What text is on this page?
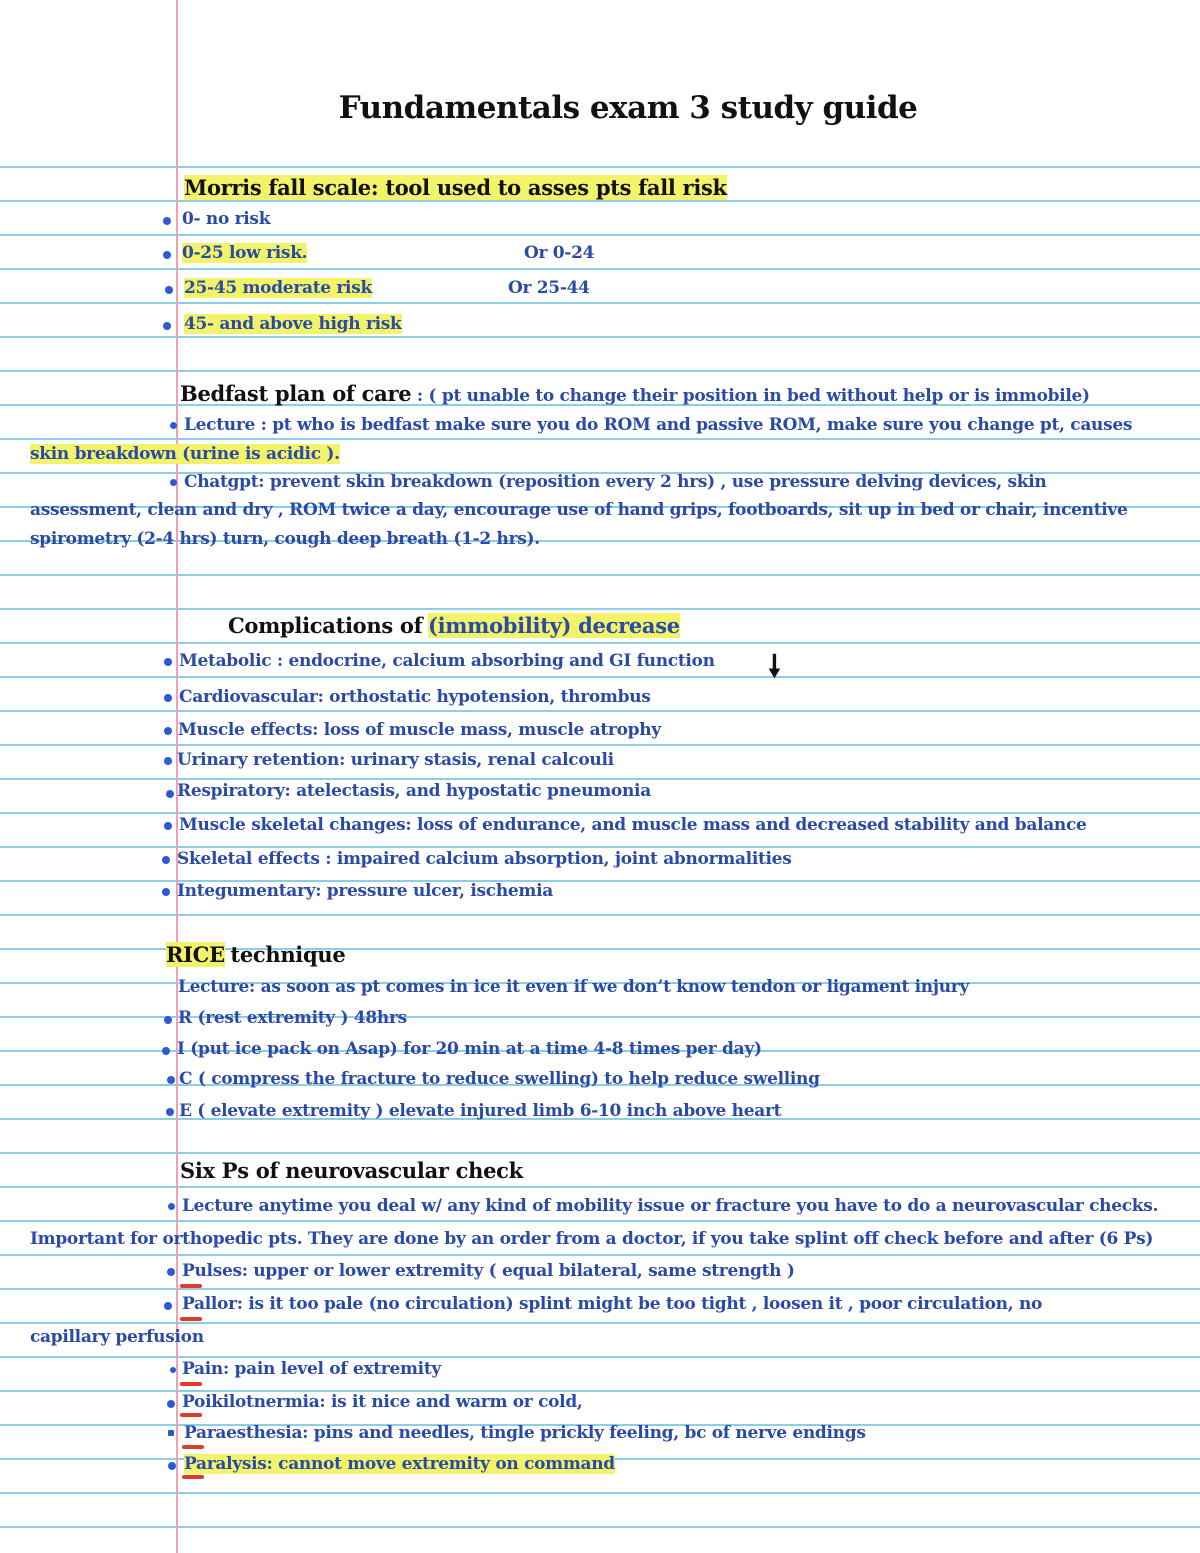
Fundamentals exam 3 study guide
Morris fall scale: tool used to asses pts fall risk
0- no risk
0-25 low risk.	Or 0-24
25-45 moderate risk	Or 25-44
45- and above high risk
Bedfast plan of care : ( pt unable to change their position in bed without help or is immobile)
Lecture : pt who is bedfast make sure you do ROM and passive ROM, make sure you change pt, causes
skin breakdown (urine is acidic ).
Chatgpt: prevent skin breakdown (reposition every 2 hrs) , use pressure delving devices, skin
assessment, clean and dry , ROM twice a day, encourage use of hand grips, footboards, sit up in bed or chair, incentive
spirometry (2-4 hrs) turn, cough deep breath (1-2 hrs).
Complications of (immobility) decrease
🠗
Metabolic : endocrine, calcium absorbing and GI function
Cardiovascular: orthostatic hypotension, thrombus
Muscle effects: loss of muscle mass, muscle atrophy
Urinary retention: urinary stasis, renal calcouli
Respiratory: atelectasis, and hypostatic pneumonia
Muscle skeletal changes: loss of endurance, and muscle mass and decreased stability and balance
Skeletal effects : impaired calcium absorption, joint abnormalities
Integumentary: pressure ulcer, ischemia
RICE technique
Lecture: as soon as pt comes in ice it even if we don’t know tendon or ligament injury
R (rest extremity ) 48hrs
I (put ice pack on Asap) for 20 min at a time 4-8 times per day)
C ( compress the fracture to reduce swelling) to help reduce swelling
E ( elevate extremity ) elevate injured limb 6-10 inch above heart
Six Ps of neurovascular check
Lecture anytime you deal w/ any kind of mobility issue or fracture you have to do a neurovascular checks.
Important for orthopedic pts. They are done by an order from a doctor, if you take splint off check before and after (6 Ps)
Pulses: upper or lower extremity ( equal bilateral, same strength )
Pallor: is it too pale (no circulation) splint might be too tight , loosen it , poor circulation, no
capillary perfusion
Pain: pain level of extremity
Poikilotnermia: is it nice and warm or cold,
Paraesthesia: pins and needles, tingle prickly feeling, bc of nerve endings
Paralysis: cannot move extremity on command
